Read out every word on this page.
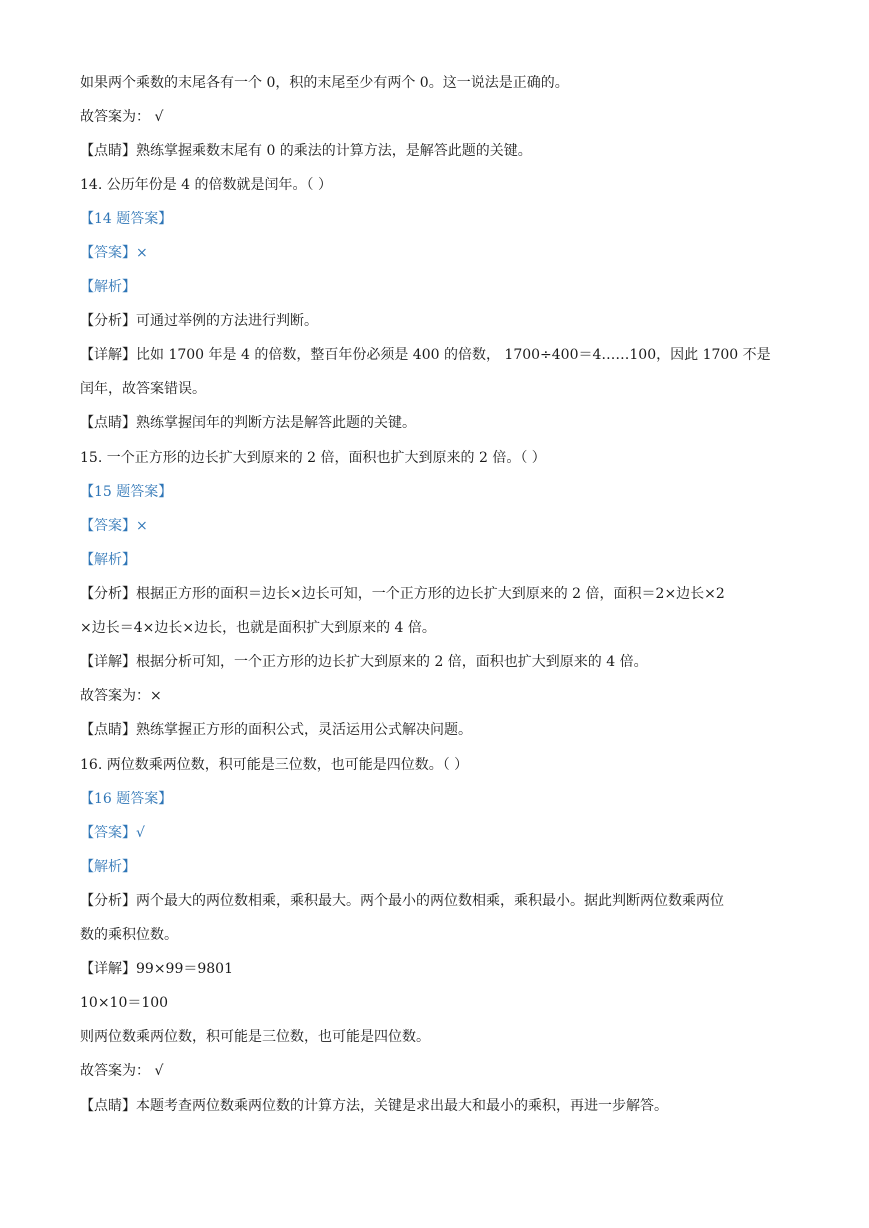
如果两个乘数的末尾各有一个 0，积的末尾至少有两个 0。这一说法是正确的。
故答案为： √
【点睛】熟练掌握乘数末尾有 0 的乘法的计算方法，是解答此题的关键。
14. 公历年份是 4 的倍数就是闰年。（ ）
【14 题答案】
【答案】×
【解析】
【分析】可通过举例的方法进行判断。
【详解】比如 1700 年是 4 的倍数，整百年份必须是 400 的倍数， 1700÷400＝4……100，因此 1700 不是
闰年，故答案错误。
【点睛】熟练掌握闰年的判断方法是解答此题的关键。
15. 一个正方形的边长扩大到原来的 2 倍，面积也扩大到原来的 2 倍。（ ）
【15 题答案】
【答案】×
【解析】
【分析】根据正方形的面积＝边长×边长可知，一个正方形的边长扩大到原来的 2 倍，面积＝2×边长×2
×边长＝4×边长×边长，也就是面积扩大到原来的 4 倍。
【详解】根据分析可知，一个正方形的边长扩大到原来的 2 倍，面积也扩大到原来的 4 倍。
故答案为：×
【点睛】熟练掌握正方形的面积公式，灵活运用公式解决问题。
16. 两位数乘两位数，积可能是三位数，也可能是四位数。（ ）
【16 题答案】
【答案】√
【解析】
【分析】两个最大的两位数相乘，乘积最大。两个最小的两位数相乘，乘积最小。据此判断两位数乘两位
数的乘积位数。
【详解】99×99＝9801
10×10＝100
则两位数乘两位数，积可能是三位数，也可能是四位数。
故答案为： √
【点睛】本题考查两位数乘两位数的计算方法，关键是求出最大和最小的乘积，再进一步解答。
